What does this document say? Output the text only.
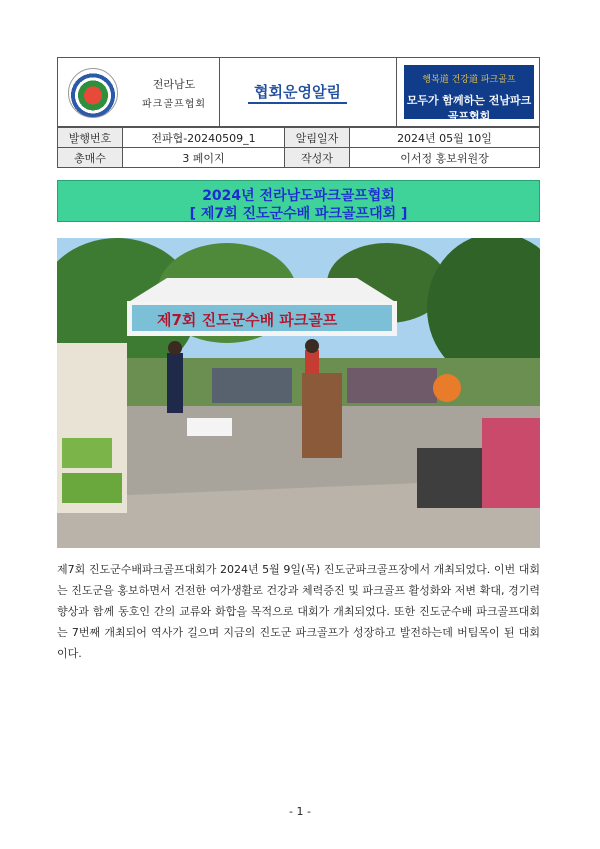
전라남도
파크골프협회
협회운영알림
행복道 건강道 파크골프
모두가 함께하는 전남파크골프협회
발행번호	전파협-20240509_1	알림일자	2024년 05월 10일
총매수	3 페이지	작성자	이서정 홍보위원장
2024년 전라남도파크골프협회
[ 제7회 진도군수배 파크골프대회 ]
제7회 진도군수배 파크골프

제7회 진도군수배파크골프대회가 2024년 5월 9일(목) 진도군파크골프장에서 개최되었다. 이번 대회는 진도군을 홍보하면서 건전한 여가생활로 건강과 체력증진 및 파크골프 활성화와 저변 확대, 경기력 향상과 함께 동호인 간의 교류와 화합을 목적으로 대회가 개최되었다. 또한 진도군수배 파크골프대회는 7번째 개최되어 역사가 길으며 지금의 진도군 파크골프가 성장하고 발전하는데 버팀목이 된 대회이다.

- 1 -
